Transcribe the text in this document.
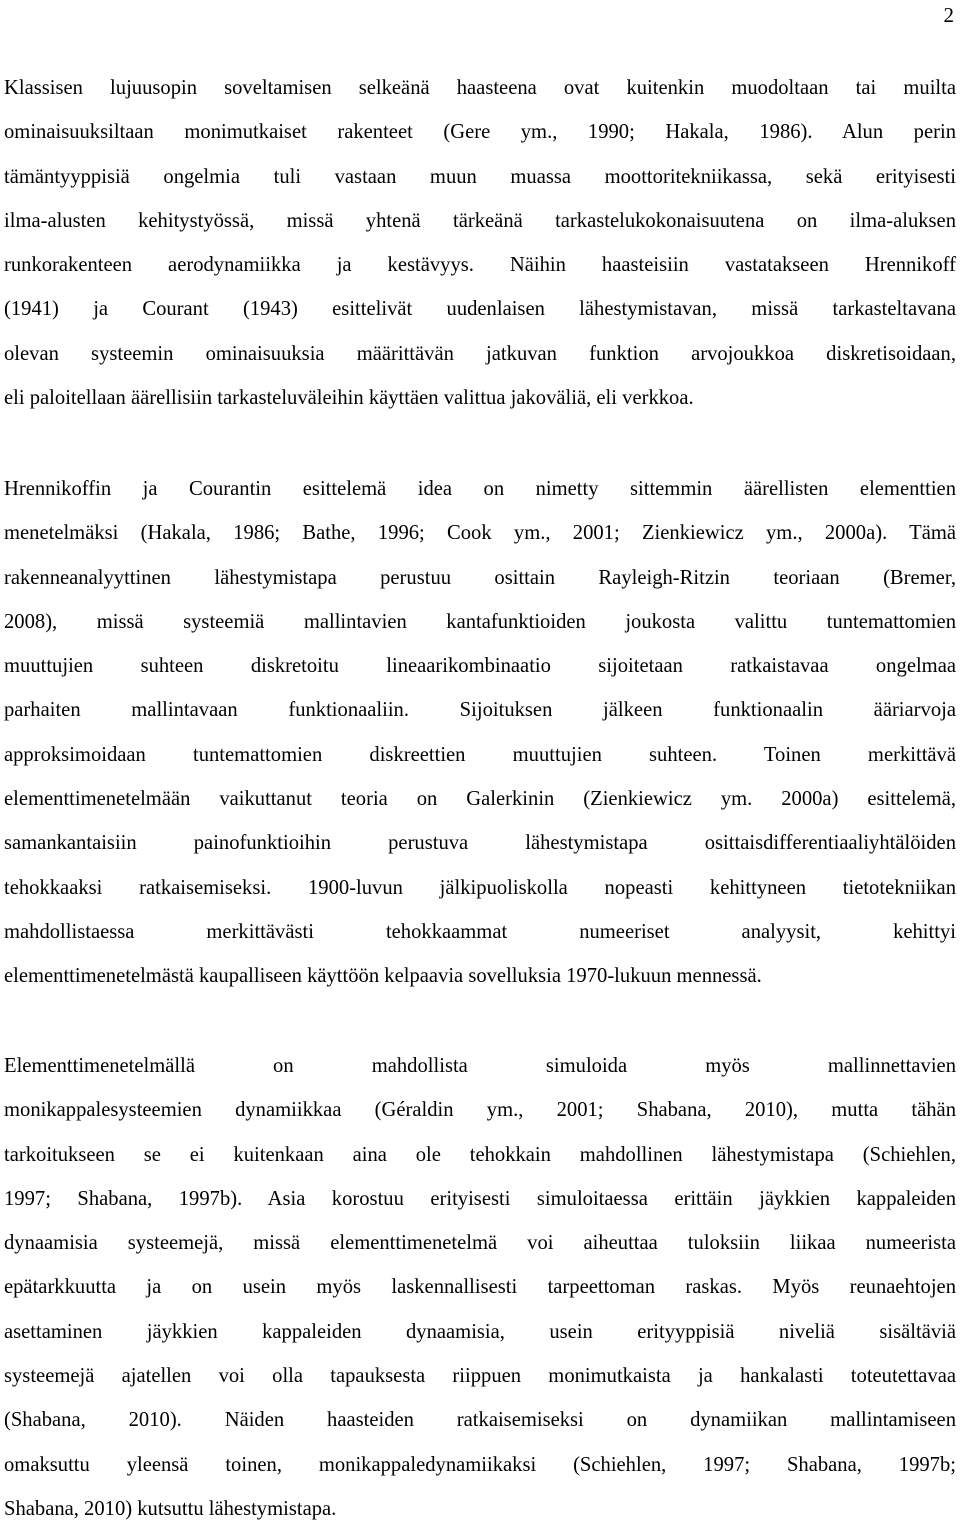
2
Klassisen lujuusopin soveltamisen selkeänä haasteena ovat kuitenkin muodoltaan tai muilta
ominaisuuksiltaan monimutkaiset rakenteet (Gere ym., 1990; Hakala, 1986). Alun perin
tämäntyyppisiä ongelmia tuli vastaan muun muassa moottoritekniikassa, sekä erityisesti
ilma-alusten kehitystyössä, missä yhtenä tärkeänä tarkastelukokonaisuutena on ilma-aluksen
runkorakenteen aerodynamiikka ja kestävyys. Näihin haasteisiin vastatakseen Hrennikoff
(1941) ja Courant (1943) esittelivät uudenlaisen lähestymistavan, missä tarkasteltavana
olevan systeemin ominaisuuksia määrittävän jatkuvan funktion arvojoukkoa diskretisoidaan,
eli paloitellaan äärellisiin tarkasteluväleihin käyttäen valittua jakoväliä, eli verkkoa.
Hrennikoffin ja Courantin esittelemä idea on nimetty sittemmin äärellisten elementtien
menetelmäksi (Hakala, 1986; Bathe, 1996; Cook ym., 2001; Zienkiewicz ym., 2000a). Tämä
rakenneanalyyttinen lähestymistapa perustuu osittain Rayleigh-Ritzin teoriaan (Bremer,
2008), missä systeemiä mallintavien kantafunktioiden joukosta valittu tuntemattomien
muuttujien suhteen diskretoitu lineaarikombinaatio sijoitetaan ratkaistavaa ongelmaa
parhaiten mallintavaan funktionaaliin. Sijoituksen jälkeen funktionaalin ääriarvoja
approksimoidaan tuntemattomien diskreettien muuttujien suhteen. Toinen merkittävä
elementtimenetelmään vaikuttanut teoria on Galerkinin (Zienkiewicz ym. 2000a) esittelemä,
samankantaisiin painofunktioihin perustuva lähestymistapa osittaisdifferentiaaliyhtälöiden
tehokkaaksi ratkaisemiseksi. 1900-luvun jälkipuoliskolla nopeasti kehittyneen tietotekniikan
mahdollistaessa merkittävästi tehokkaammat numeeriset analyysit, kehittyi
elementtimenetelmästä kaupalliseen käyttöön kelpaavia sovelluksia 1970-lukuun mennessä.
Elementtimenetelmällä on mahdollista simuloida myös mallinnettavien
monikappalesysteemien dynamiikkaa (Géraldin ym., 2001; Shabana, 2010), mutta tähän
tarkoitukseen se ei kuitenkaan aina ole tehokkain mahdollinen lähestymistapa (Schiehlen,
1997; Shabana, 1997b). Asia korostuu erityisesti simuloitaessa erittäin jäykkien kappaleiden
dynaamisia systeemejä, missä elementtimenetelmä voi aiheuttaa tuloksiin liikaa numeerista
epätarkkuutta ja on usein myös laskennallisesti tarpeettoman raskas. Myös reunaehtojen
asettaminen jäykkien kappaleiden dynaamisia, usein erityyppisiä niveliä sisältäviä
systeemejä ajatellen voi olla tapauksesta riippuen monimutkaista ja hankalasti toteutettavaa
(Shabana, 2010). Näiden haasteiden ratkaisemiseksi on dynamiikan mallintamiseen
omaksuttu yleensä toinen, monikappaledynamiikaksi (Schiehlen, 1997; Shabana, 1997b;
Shabana, 2010) kutsuttu lähestymistapa.
